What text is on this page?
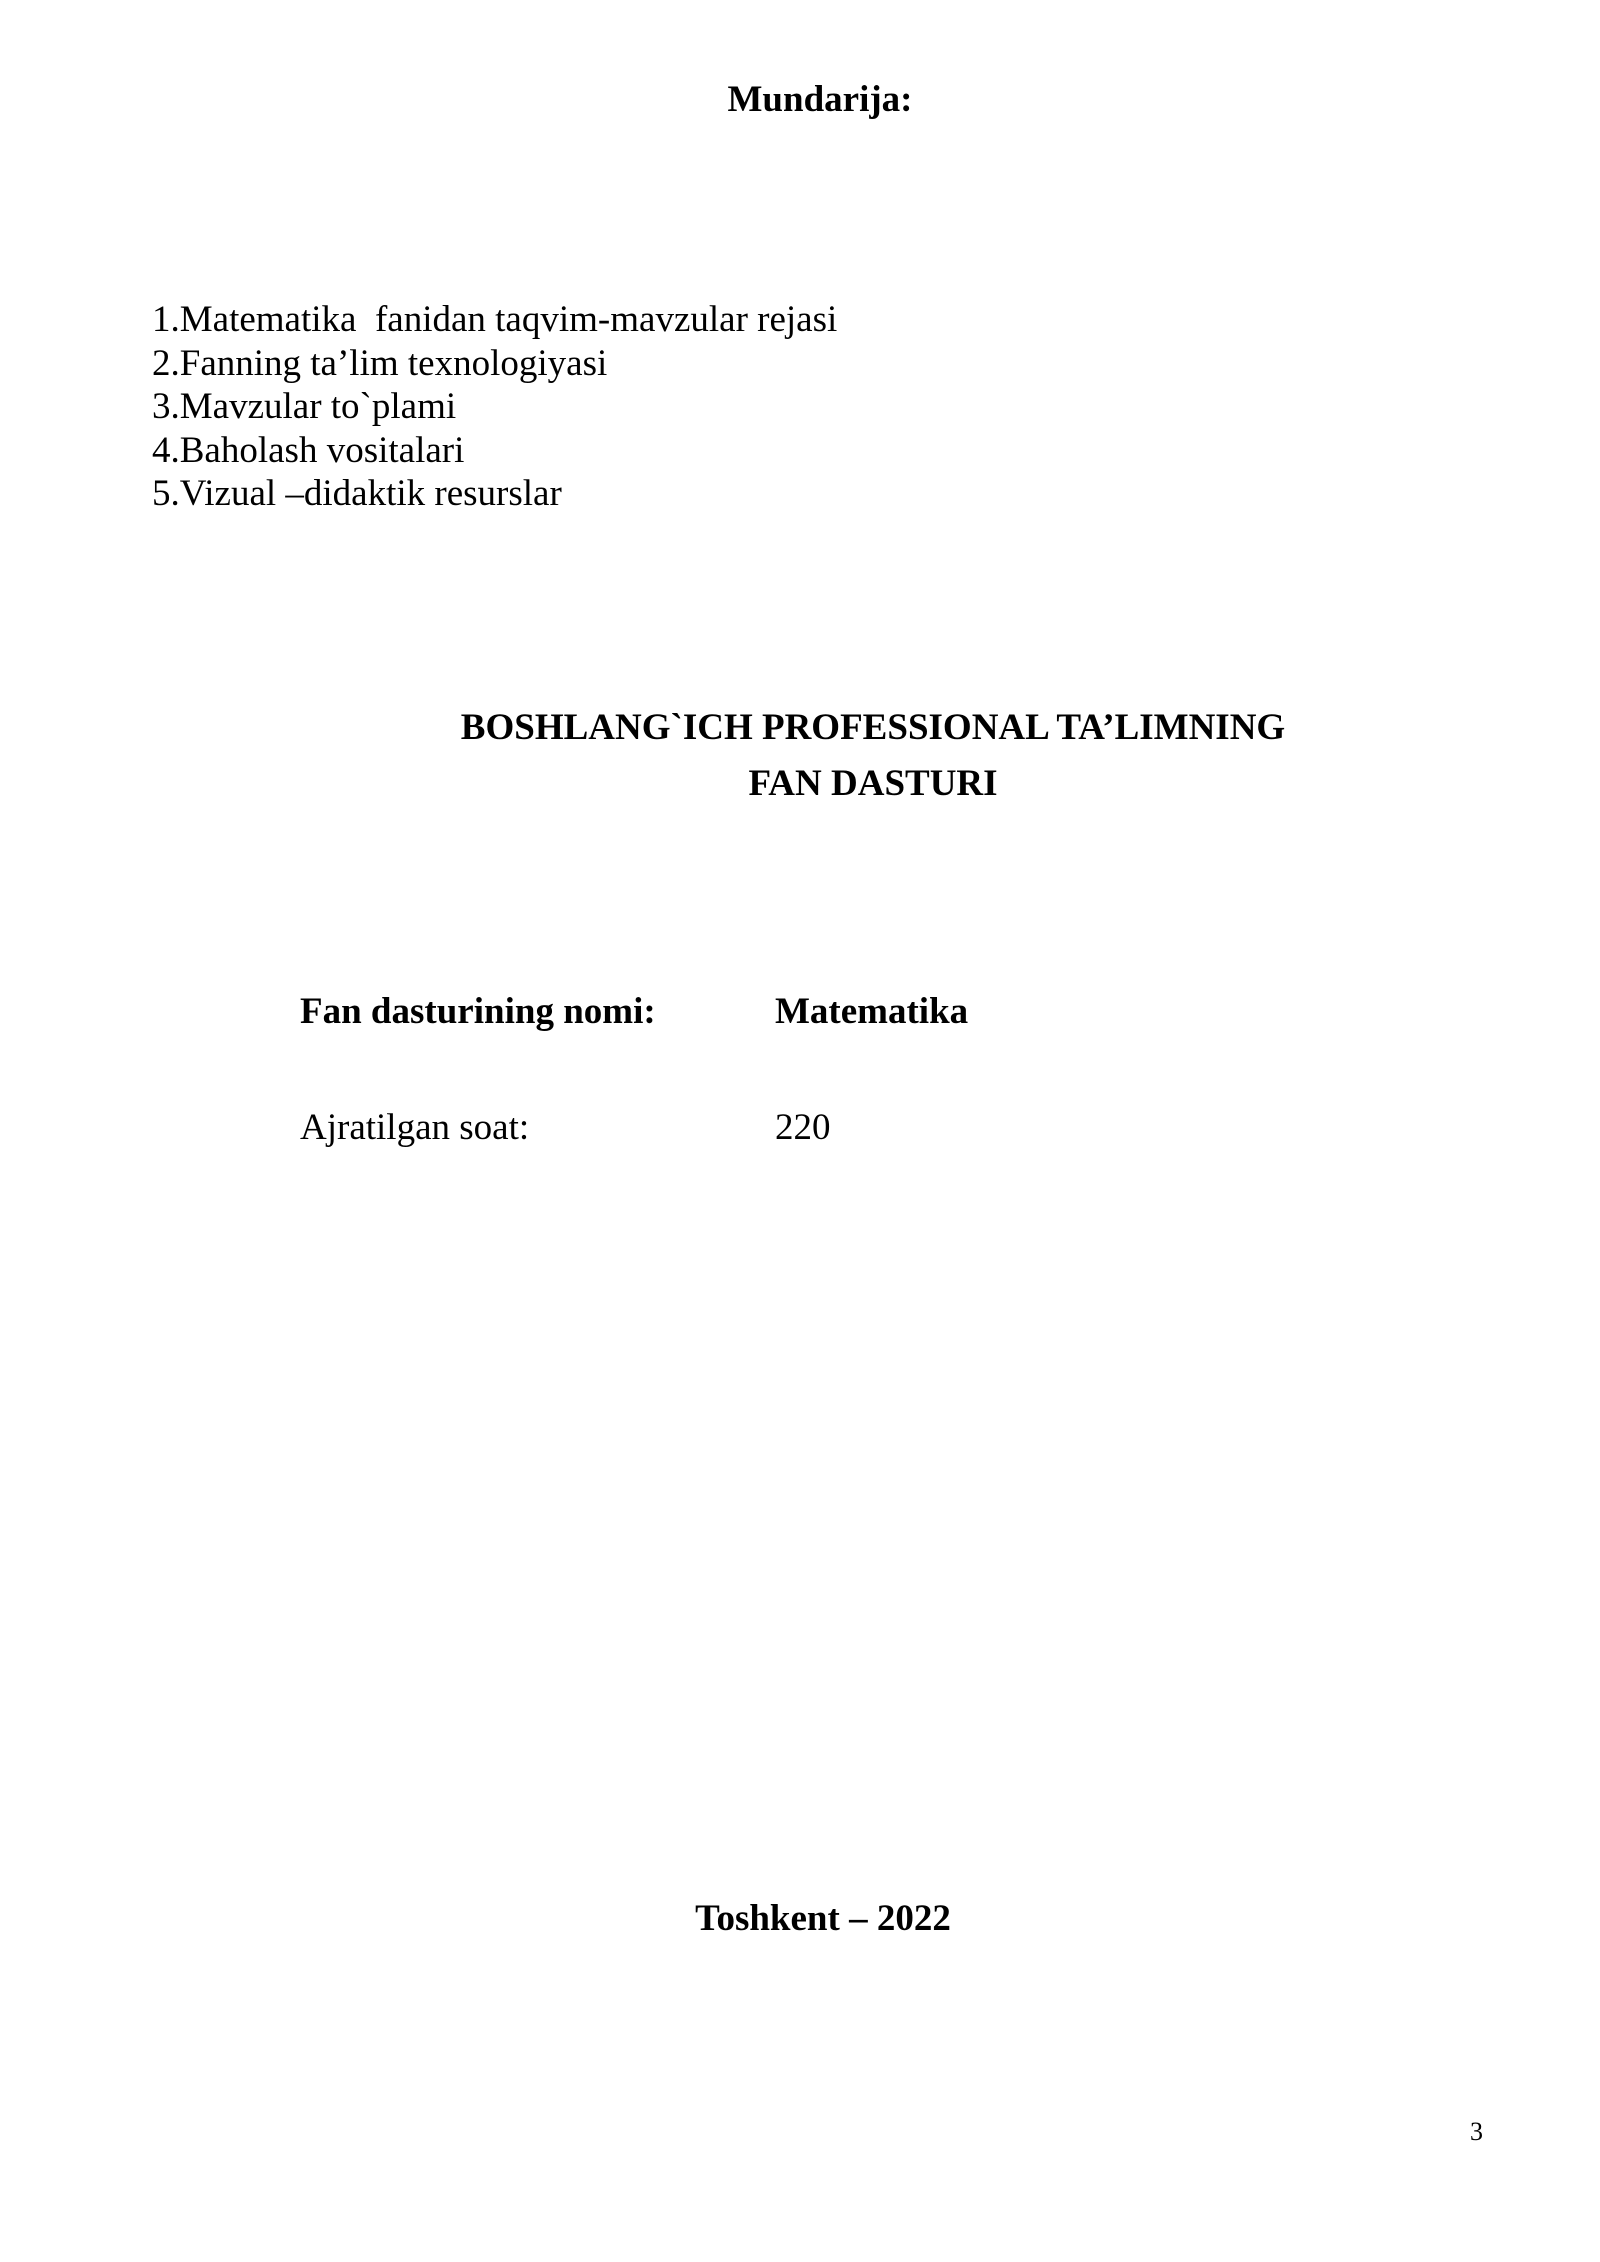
Mundarija:
1.Matematika  fanidan taqvim-mavzular rejasi
2.Fanning ta’lim texnologiyasi
3.Mavzular to`plami
4.Baholash vositalari
5.Vizual –didaktik resurslar
BOSHLANG`ICH PROFESSIONAL TA’LIMNING
FAN DASTURI
Fan dasturining nomi:	Matematika
Ajratilgan soat:	220
Toshkent – 2022
3
